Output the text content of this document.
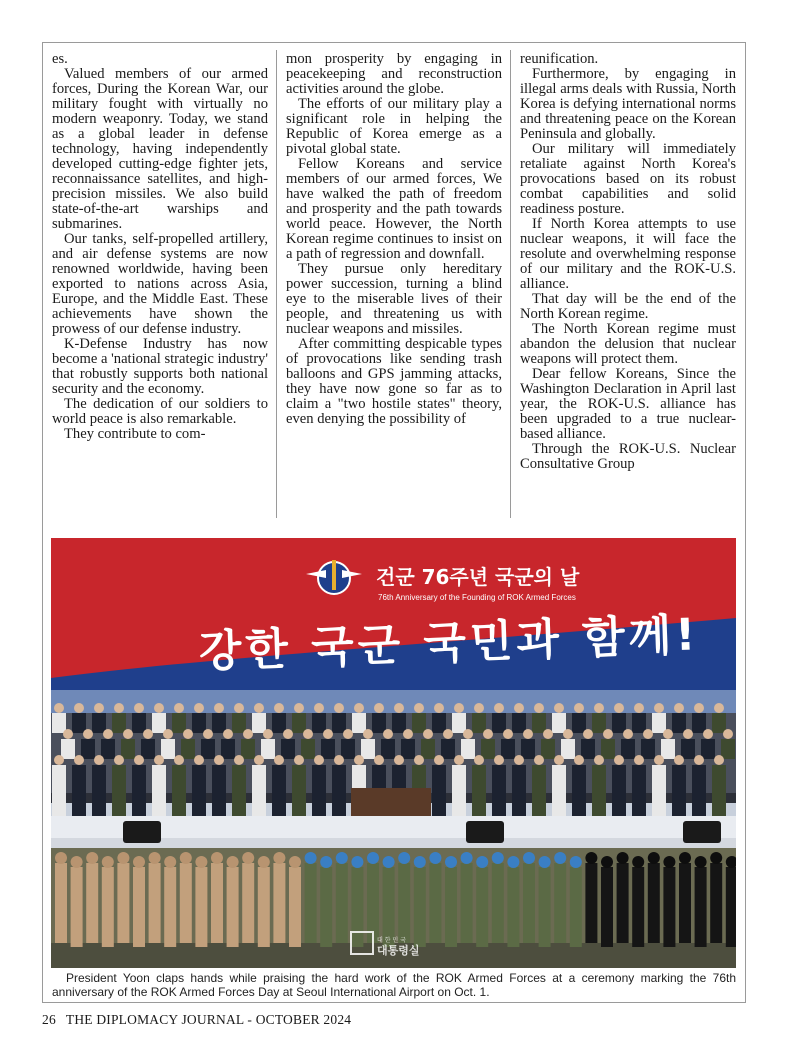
es.

Valued members of our armed forces, During the Korean War, our military fought with virtually no modern weaponry. Today, we stand as a global leader in defense technology, having independently developed cutting-edge fighter jets, reconnaissance satellites, and high-precision missiles. We also build state-of-the-art warships and submarines.

Our tanks, self-propelled artillery, and air defense systems are now renowned worldwide, having been exported to nations across Asia, Europe, and the Middle East. These achievements have shown the prowess of our defense industry.

K-Defense Industry has now become a 'national strategic industry' that robustly supports both national security and the economy.

The dedication of our soldiers to world peace is also remarkable.

They contribute to com-

mon prosperity by engaging in peacekeeping and reconstruction activities around the globe.

The efforts of our military play a significant role in helping the Republic of Korea emerge as a pivotal global state.

Fellow Koreans and service members of our armed forces, We have walked the path of freedom and prosperity and the path towards world peace. However, the North Korean regime continues to insist on a path of regression and downfall.

They pursue only hereditary power succession, turning a blind eye to the miserable lives of their people, and threatening us with nuclear weapons and missiles.

After committing despicable types of provocations like sending trash balloons and GPS jamming attacks, they have now gone so far as to claim a "two hostile states" theory, even denying the possibility of

reunification.

Furthermore, by engaging in illegal arms deals with Russia, North Korea is defying international norms and threatening peace on the Korean Peninsula and globally.

Our military will immediately retaliate against North Korea's provocations based on its robust combat capabilities and solid readiness posture.

If North Korea attempts to use nuclear weapons, it will face the resolute and overwhelming response of our military and the ROK-U.S. alliance.

That day will be the end of the North Korean regime.

The North Korean regime must abandon the delusion that nuclear weapons will protect them.

Dear fellow Koreans, Since the Washington Declaration in April last year, the ROK-U.S. alliance has been upgraded to a true nuclear-based alliance.

Through the ROK-U.S. Nuclear Consultative Group

건군 76주년 국군의 날
76th Anniversary of the Founding of ROK Armed Forces
강한 국군 국민과 함께!
대 한 민 국
대통령실
President Yoon claps hands while praising the hard work of the ROK Armed Forces at a ceremony marking the 76th anniversary of the ROK Armed Forces Day at Seoul International Airport on Oct. 1.
26 THE DIPLOMACY JOURNAL - OCTOBER 2024
